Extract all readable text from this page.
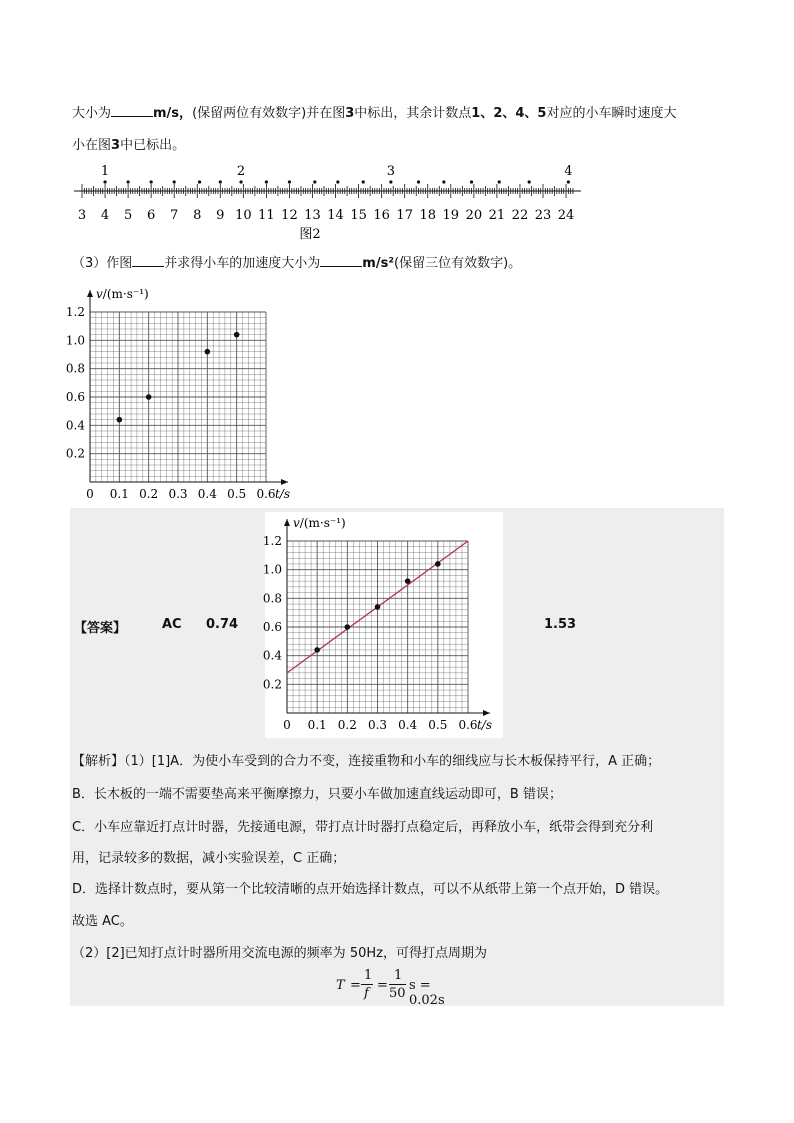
大小为	m/s，(保留两位有效数字)并在图3中标出，其余计数点1、2、4、5对应的小车瞬时速度大
小在图3中已标出。
3 4 5 6 7 8 9 10 11 12 13 14 15 16 17 18 19 20 21 22 23 24
1	2	3	4
图2
（3）作图 并求得小车的加速度大小为	m/s²(保留三位有效数字)。
0 0.1 0.2 0.3 0.4 0.5 0.6
0.2
0.4
0.6
0.8
1.0
1.2
t/s
v/(m·s⁻¹)
【答案】	AC 0.74	1.53
0 0.1 0.2 0.3 0.4 0.5 0.6
0.2
0.4
0.6
0.8
1.0
1.2
t/s
v/(m·s⁻¹)
【解析】（1）[1]A．为使小车受到的合力不变，连接重物和小车的细线应与长木板保持平行，A 正确；
B．长木板的一端不需要垫高来平衡摩擦力，只要小车做加速直线运动即可，B 错误；
C．小车应靠近打点计时器，先接通电源，带打点计时器打点稳定后，再释放小车，纸带会得到充分利
用，记录较多的数据，减小实验误差，C 正确；
D．选择计数点时，要从第一个比较清晰的点开始选择计数点，可以不从纸带上第一个点开始，D 错误。
故选 AC。
（2）[2]已知打点计时器所用交流电源的频率为 50Hz，可得打点周期为
T =
1
f
=
1
50
s = 0.02s
